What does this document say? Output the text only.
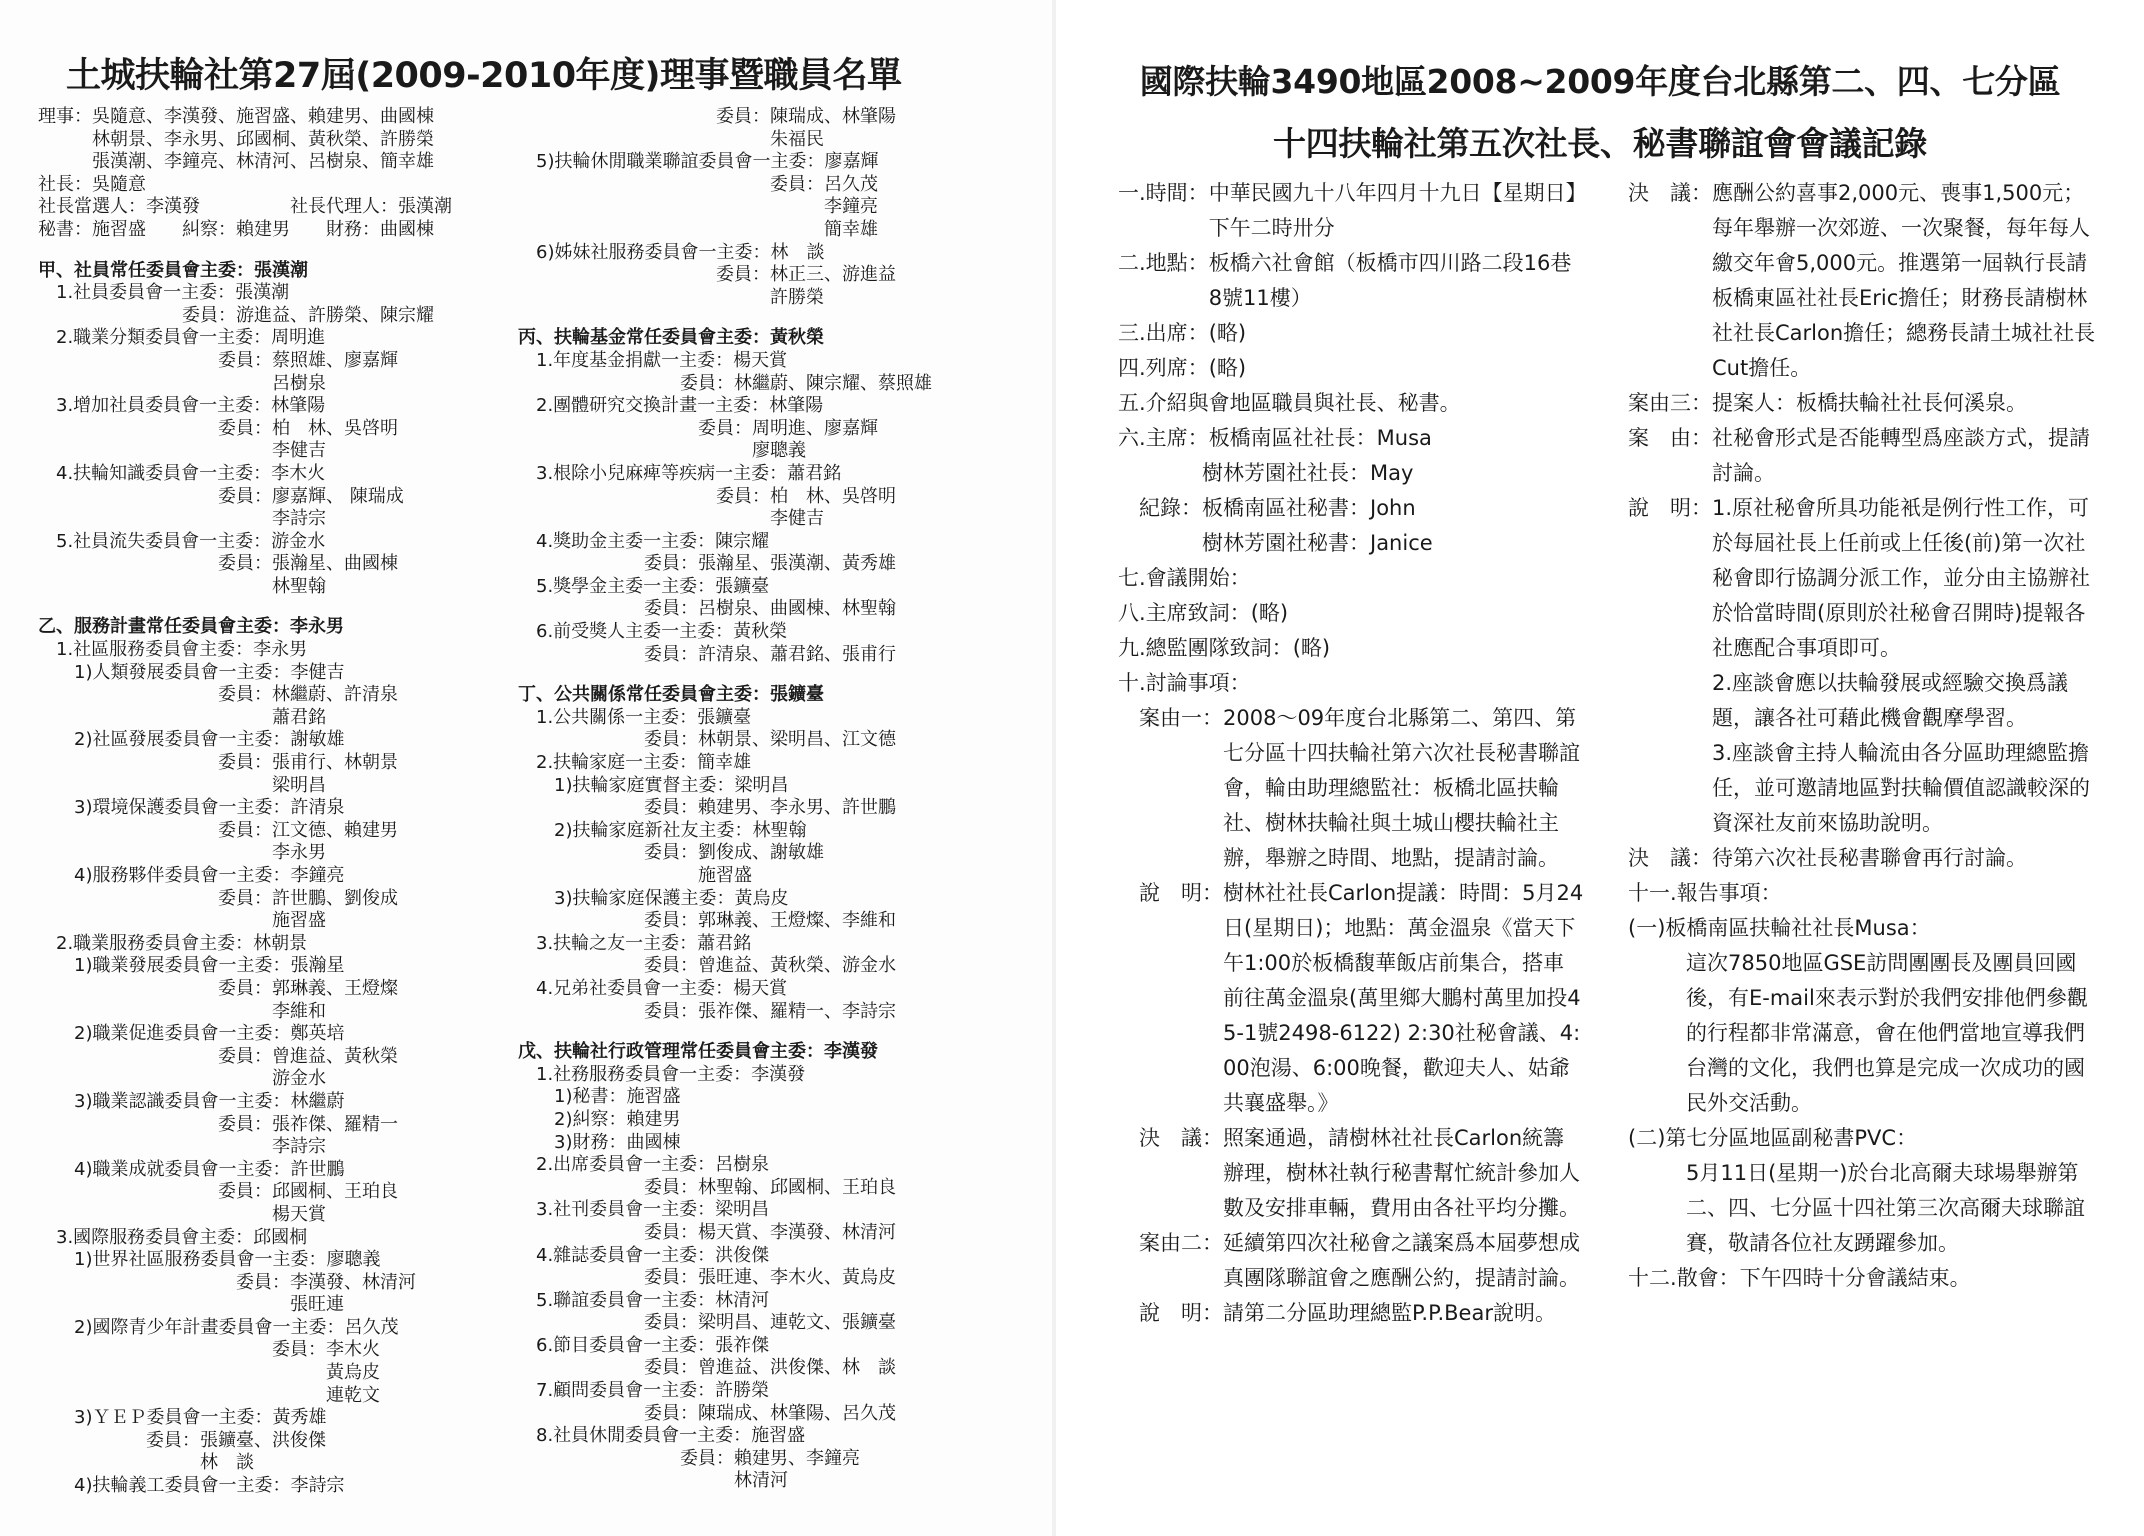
土城扶輪社第27屆(2009-2010年度)理事暨職員名單
理事：吳隨意、李漢發、施習盛、賴建男、曲國棟
　　　林朝景、李永男、邱國桐、黃秋榮、許勝榮
　　　張漢潮、李鐘亮、林清河、呂樹泉、簡幸雄
社長：吳隨意
社長當選人：李漢發　　　　　社長代理人：張漢潮
秘書：施習盛　　糾察：賴建男　　財務：曲國棟
甲、社員常任委員會主委：張漢潮
　1.社員委員會一主委：張漢潮
　　　　　　　　委員：游進益、許勝榮、陳宗耀
　2.職業分類委員會一主委：周明進
　　　　　　　　　　委員：蔡照雄、廖嘉輝
　　　　　　　　　　　　　呂樹泉
　3.增加社員委員會一主委：林肇陽
　　　　　　　　　　委員：柏　林、吳啓明
　　　　　　　　　　　　　李健吉
　4.扶輪知識委員會一主委：李木火
　　　　　　　　　　委員：廖嘉輝、 陳瑞成
　　　　　　　　　　　　　李詩宗
　5.社員流失委員會一主委：游金水
　　　　　　　　　　委員：張瀚星、曲國棟
　　　　　　　　　　　　　林聖翰
乙、服務計畫常任委員會主委：李永男
　1.社區服務委員會主委：李永男
　　1)人類發展委員會一主委：李健吉
　　　　　　　　　　委員：林繼蔚、許清泉
　　　　　　　　　　　　　蕭君銘
　　2)社區發展委員會一主委：謝敏雄
　　　　　　　　　　委員：張甫行、林朝景
　　　　　　　　　　　　　梁明昌
　　3)環境保護委員會一主委：許清泉
　　　　　　　　　　委員：江文德、賴建男
　　　　　　　　　　　　　李永男
　　4)服務夥伴委員會一主委：李鐘亮
　　　　　　　　　　委員：許世鵬、劉俊成
　　　　　　　　　　　　　施習盛
　2.職業服務委員會主委：林朝景
　　1)職業發展委員會一主委：張瀚星
　　　　　　　　　　委員：郭琳義、王燈燦
　　　　　　　　　　　　　李維和
　　2)職業促進委員會一主委：鄭英培
　　　　　　　　　　委員：曾進益、黃秋榮
　　　　　　　　　　　　　游金水
　　3)職業認識委員會一主委：林繼蔚
　　　　　　　　　　委員：張祚傑、羅精一
　　　　　　　　　　　　　李詩宗
　　4)職業成就委員會一主委：許世鵬
　　　　　　　　　　委員：邱國桐、王珀良
　　　　　　　　　　　　　楊天賞
　3.國際服務委員會主委：邱國桐
　　1)世界社區服務委員會一主委：廖聰義
　　　　　　　　　　　委員：李漢發、林清河
　　　　　　　　　　　　　　張旺連
　　2)國際青少年計畫委員會一主委：呂久茂
　　　　　　　　　　　　　委員：李木火
　　　　　　　　　　　　　　　　黃烏皮
　　　　　　　　　　　　　　　　連乾文
　　3)ＹＥＰ委員會一主委：黃秀雄
　　　　　　委員：張鑛臺、洪俊傑
　　　　　　　　　林　談
　　4)扶輪義工委員會一主委：李詩宗
　　　　　　　　　　　委員：陳瑞成、林肇陽
　　　　　　　　　　　　　　朱福民
　5)扶輪休閒職業聯誼委員會一主委：廖嘉輝
　　　　　　　　　　　　　　委員：呂久茂
　　　　　　　　　　　　　　　　　李鐘亮
　　　　　　　　　　　　　　　　　簡幸雄
　6)姊妹社服務委員會一主委：林　談
　　　　　　　　　　　委員：林正三、游進益
　　　　　　　　　　　　　　許勝榮
丙、扶輪基金常任委員會主委：黃秋榮
　1.年度基金捐獻一主委：楊天賞
　　　　　　　　　委員：林繼蔚、陳宗耀、蔡照雄
　2.團體研究交換計畫一主委：林肇陽
　　　　　　　　　　委員：周明進、廖嘉輝
　　　　　　　　　　　　　廖聰義
　3.根除小兒麻痺等疾病一主委：蕭君銘
　　　　　　　　　　　委員：柏　林、吳啓明
　　　　　　　　　　　　　　李健吉
　4.獎助金主委一主委：陳宗耀
　　　　　　　委員：張瀚星、張漢潮、黃秀雄
　5.獎學金主委一主委：張鑛臺
　　　　　　　委員：呂樹泉、曲國棟、林聖翰
　6.前受獎人主委一主委：黃秋榮
　　　　　　　委員：許清泉、蕭君銘、張甫行
丁、公共關係常任委員會主委：張鑛臺
　1.公共關係一主委：張鑛臺
　　　　　　　委員：林朝景、梁明昌、江文德
　2.扶輪家庭一主委：簡幸雄
　　1)扶輪家庭實督主委：梁明昌
　　　　　　　委員：賴建男、李永男、許世鵬
　　2)扶輪家庭新社友主委：林聖翰
　　　　　　　委員：劉俊成、謝敏雄
　　　　　　　　　　施習盛
　　3)扶輪家庭保護主委：黃烏皮
　　　　　　　委員：郭琳義、王燈燦、李維和
　3.扶輪之友一主委：蕭君銘
　　　　　　　委員：曾進益、黃秋榮、游金水
　4.兄弟社委員會一主委：楊天賞
　　　　　　　委員：張祚傑、羅精一、李詩宗
戊、扶輪社行政管理常任委員會主委：李漢發
　1.社務服務委員會一主委：李漢發
　　1)秘書：施習盛
　　2)糾察：賴建男
　　3)財務：曲國棟
　2.出席委員會一主委：呂樹泉
　　　　　　　委員：林聖翰、邱國桐、王珀良
　3.社刊委員會一主委：梁明昌
　　　　　　　委員：楊天賞、李漢發、林清河
　4.雜誌委員會一主委：洪俊傑
　　　　　　　委員：張旺連、李木火、黃烏皮
　5.聯誼委員會一主委：林清河
　　　　　　　委員：梁明昌、連乾文、張鑛臺
　6.節目委員會一主委：張祚傑
　　　　　　　委員：曾進益、洪俊傑、林　談
　7.顧問委員會一主委：許勝榮
　　　　　　　委員：陳瑞成、林肇陽、呂久茂
　8.社員休閒委員會一主委：施習盛
　　　　　　　　　委員：賴建男、李鐘亮
　　　　　　　　　　　　林清河
國際扶輪3490地區2008~2009年度台北縣第二、四、七分區
十四扶輪社第五次社長、秘書聯誼會會議記錄
一.時間： 中華民國九十八年四月十九日【星期日】下午二時卅分
二.地點： 板橋六社會館（板橋市四川路二段16巷8號11樓）
三.出席： (略)
四.列席： (略)
五. 介紹與會地區職員與社長、秘書。
六.主席： 板橋南區社社長：Musa

樹林芳園社社長：May
　紀錄： 板橋南區社秘書：John

樹林芳園社秘書：Janice
七. 會議開始：
八.主席致詞： (略)
九.總監團隊致詞： (略)
十. 討論事項：
　案由一： 2008～09年度台北縣第二、第四、第七分區十四扶輪社第六次社長秘書聯誼會，輪由助理總監社：板橋北區扶輪社、樹林扶輪社與土城山櫻扶輪社主辦，舉辦之時間、地點，提請討論。
　說　明： 樹林社社長Carlon提議：時間：5月24日(星期日)；地點：萬金溫泉《當天下午1:00於板橋馥華飯店前集合，搭車前往萬金溫泉(萬里鄉大鵬村萬里加投45-1號2498-6122) 2:30社秘會議、4:00泡湯、6:00晚餐，歡迎夫人、姑爺共襄盛舉。》
　決　議： 照案通過，請樹林社社長Carlon統籌辦理，樹林社執行秘書幫忙統計參加人數及安排車輛，費用由各社平均分攤。
　案由二： 延續第四次社秘會之議案爲本屆夢想成真團隊聯誼會之應酬公約，提請討論。
　說　明： 請第二分區助理總監P.P.Bear說明。
決　議： 應酬公約喜事2,000元、喪事1,500元；每年舉辦一次郊遊、一次聚餐，每年每人繳交年會5,000元。推選第一屆執行長請板橋東區社社長Eric擔任；財務長請樹林社社長Carlon擔任；總務長請土城社社長Cut擔任。
案由三： 提案人：板橋扶輪社社長何溪泉。
案　由： 社秘會形式是否能轉型爲座談方式，提請討論。
說　明： 1.原社秘會所具功能衹是例行性工作，可於每屆社長上任前或上任後(前)第一次社秘會即行協調分派工作，並分由主協辦社於恰當時間(原則於社秘會召開時)提報各社應配合事項即可。

2.座談會應以扶輪發展或經驗交換爲議題，讓各社可藉此機會觀摩學習。

3.座談會主持人輪流由各分區助理總監擔任，並可邀請地區對扶輪價值認識較深的資深社友前來協助說明。
決　議： 待第六次社長秘書聯會再行討論。
十一. 報告事項：
(一) 板橋南區扶輪社社長Musa：
這次7850地區GSE訪問團團長及團員回國後，有E-mail來表示對於我們安排他們參觀的行程都非常滿意，會在他們當地宣導我們台灣的文化，我們也算是完成一次成功的國民外交活動。
(二) 第七分區地區副秘書PVC：
5月11日(星期一)於台北高爾夫球場舉辦第二、四、七分區十四社第三次高爾夫球聯誼賽，敬請各位社友踴躍參加。
十二. 散會：下午四時十分會議結束。
